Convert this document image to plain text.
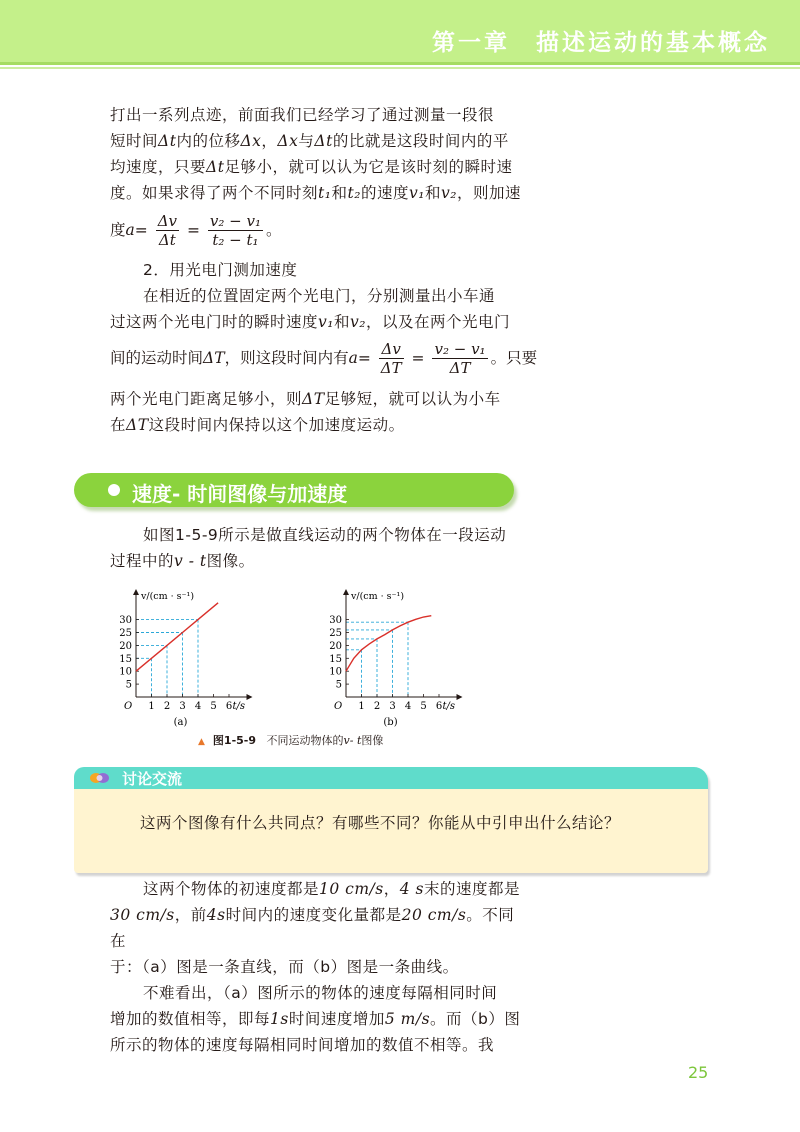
第一章　描述运动的基本概念

打出一系列点迹，前面我们已经学习了通过测量一段很
短时间Δt内的位移Δx，Δx与Δt的比就是这段时间内的平
均速度，只要Δt足够小，就可以认为它是该时刻的瞬时速
度。如果求得了两个不同时刻t₁和t₂的速度v₁和v₂，则加速

度$a= \frac{\Delta v}{\Delta t} = \frac{\text{v₂ − v₁}}{\text{t₂ − t₁}}$ 。

2．用光电门测加速度
在相近的位置固定两个光电门，分别测量出小车通
过这两个光电门时的瞬时速度v₁和v₂，以及在两个光电门

间的运动时间ΔT，则这段时间内有$a= \frac{\Delta v}{\Delta T} = \frac{\text{v₂ − v₁}}{\Delta T}$ 。只要

两个光电门距离足够小，则ΔT足够短，就可以认为小车
在ΔT这段时间内保持以这个加速度运动。

速度- 时间图像与加速度

如图1-5-9所示是做直线运动的两个物体在一段运动
过程中的v - t图像。

1 2 3 4 5 6
5
10
15
20
25
30
O
v/(cm · s⁻¹)
t/s
(a)
1 2 3 4 5 6
5
10
15
20
25
30
O
v/(cm · s⁻¹)
t/s
(b)
▲ 图1-5-9 不同运动物体的v- t图像
讨论交流
这两个图像有什么共同点？有哪些不同？你能从中引申出什么结论？

这两个物体的初速度都是10 cm/s，4 s末的速度都是
30 cm/s，前4s时间内的速度变化量都是20 cm/s。不同在
于：（a）图是一条直线，而（b）图是一条曲线。
不难看出，（a）图所示的物体的速度每隔相同时间
增加的数值相等，即每1s时间速度增加5 m/s。而（b）图
所示的物体的速度每隔相同时间增加的数值不相等。我

25
